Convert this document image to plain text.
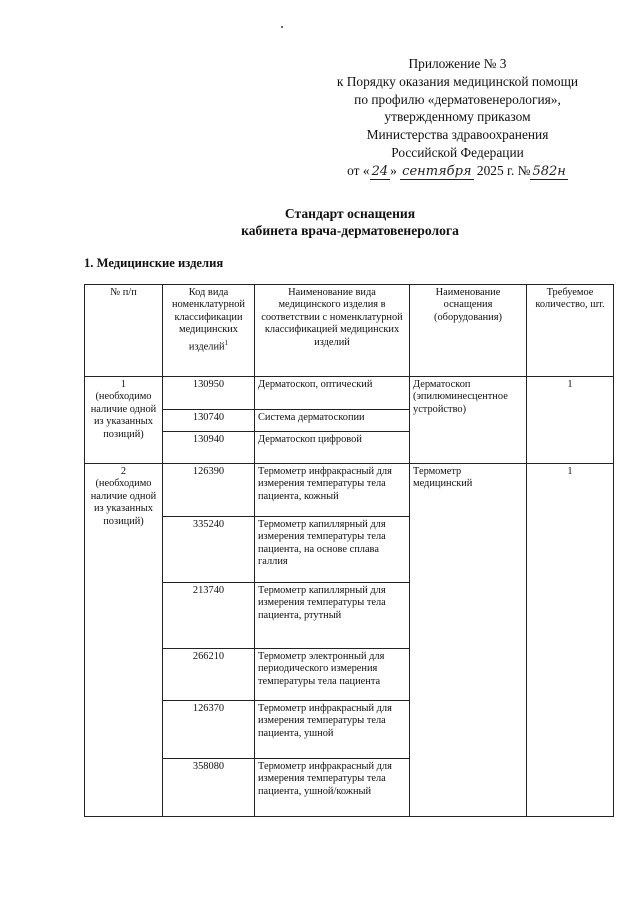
Приложение № 3
к Порядку оказания медицинской помощи
по профилю «дерматовенерология»,
утвержденному приказом
Министерства здравоохранения
Российской Федерации
от « 24 » сентября 2025 г. № 582н
Стандарт оснащения
кабинета врача-дерматовенеролога
1. Медицинские изделия
№ п/п	Код вида номенклатурной классификации медицинских изделий$^1$	Наименование вида медицинского изделия в соответствии с номенклатурной классификацией медицинских изделий	Наименование оснащения (оборудования)	Требуемое количество, шт.

1
(необходимо наличие одной из указанных позиций)	130950	Дерматоскоп, оптический	Дерматоскоп (эпилюминесцентное устройство)	1
	130740	Система дерматоскопии		
	130940	Дерматоскоп цифровой		

2
(необходимо наличие одной из указанных позиций)	126390	Термометр инфракрасный для измерения температуры тела пациента, кожный	Термометр медицинский	1
	335240	Термометр капиллярный для измерения температуры тела пациента, на основе сплава галлия		
	213740	Термометр капиллярный для измерения температуры тела пациента, ртутный		
	266210	Термометр электронный для периодического измерения температуры тела пациента		
	126370	Термометр инфракрасный для измерения температуры тела пациента, ушной		
	358080	Термометр инфракрасный для измерения температуры тела пациента, ушной/кожный		
